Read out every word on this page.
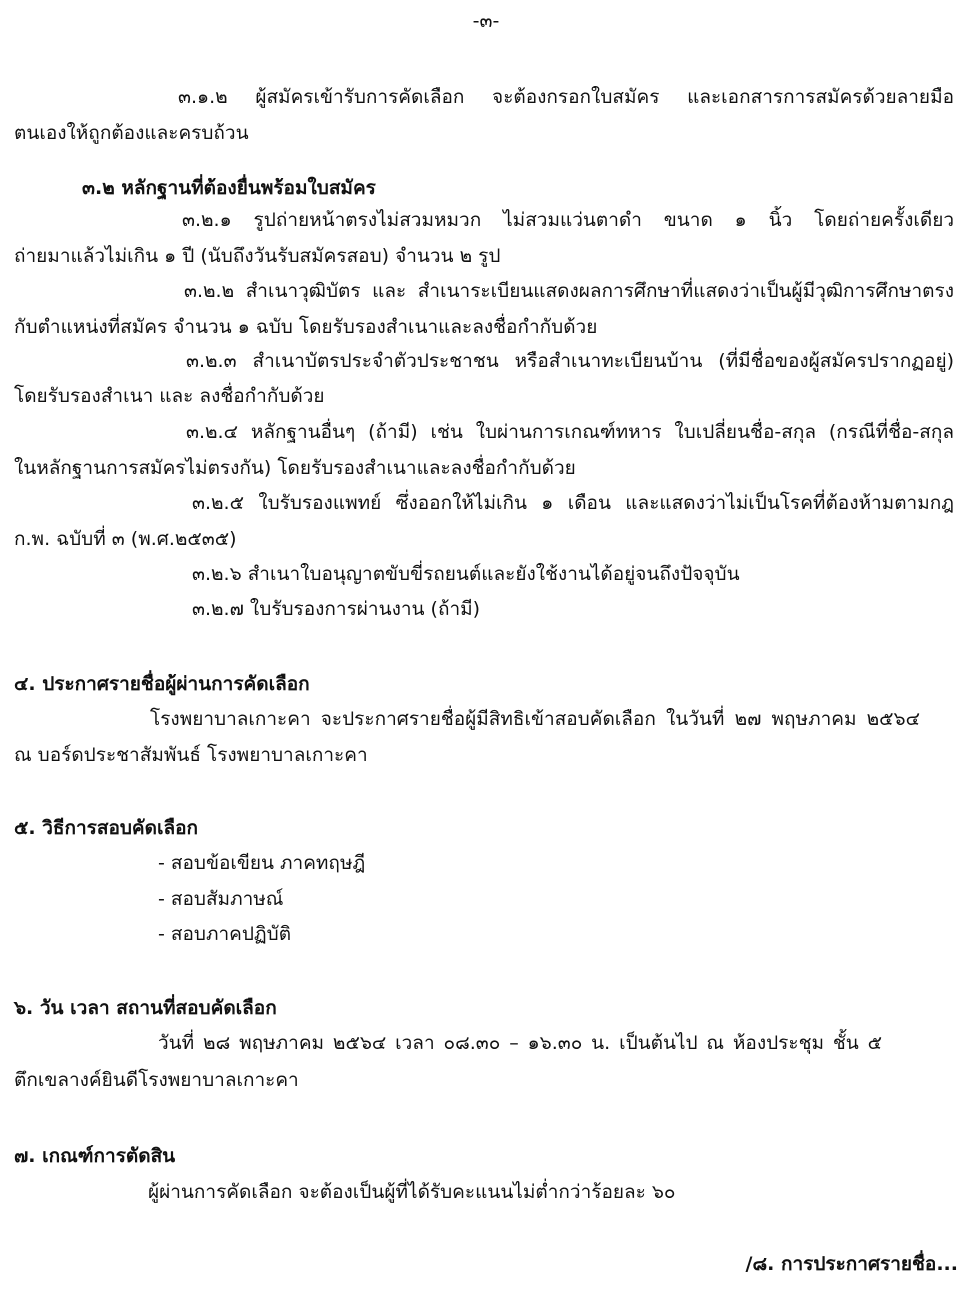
-๓-
๓.๑.๒ ผู้สมัครเข้ารับการคัดเลือก จะต้องกรอกใบสมัคร และเอกสารการสมัครด้วยลายมือ
ตนเองให้ถูกต้องและครบถ้วน
๓.๒ หลักฐานที่ต้องยื่นพร้อมใบสมัคร
๓.๒.๑ รูปถ่ายหน้าตรงไม่สวมหมวก ไม่สวมแว่นตาดำ ขนาด ๑ นิ้ว โดยถ่ายครั้งเดียว
ถ่ายมาแล้วไม่เกิน ๑ ปี (นับถึงวันรับสมัครสอบ) จำนวน ๒ รูป
๓.๒.๒ สำเนาวุฒิบัตร และ สำเนาระเบียนแสดงผลการศึกษาที่แสดงว่าเป็นผู้มีวุฒิการศึกษาตรง
กับตำแหน่งที่สมัคร จำนวน ๑ ฉบับ โดยรับรองสำเนาและลงชื่อกำกับด้วย
๓.๒.๓ สำเนาบัตรประจำตัวประชาชน หรือสำเนาทะเบียนบ้าน (ที่มีชื่อของผู้สมัครปรากฏอยู่)
โดยรับรองสำเนา และ ลงชื่อกำกับด้วย
๓.๒.๔ หลักฐานอื่นๆ (ถ้ามี) เช่น ใบผ่านการเกณฑ์ทหาร ใบเปลี่ยนชื่อ-สกุล (กรณีที่ชื่อ-สกุล
ในหลักฐานการสมัครไม่ตรงกัน) โดยรับรองสำเนาและลงชื่อกำกับด้วย
๓.๒.๕ ใบรับรองแพทย์ ซึ่งออกให้ไม่เกิน ๑ เดือน และแสดงว่าไม่เป็นโรคที่ต้องห้ามตามกฎ
ก.พ. ฉบับที่ ๓ (พ.ศ.๒๕๓๕)
๓.๒.๖ สำเนาใบอนุญาตขับขี่รถยนต์และยังใช้งานได้อยู่จนถึงปัจจุบัน
๓.๒.๗ ใบรับรองการผ่านงาน (ถ้ามี)
๔. ประกาศรายชื่อผู้ผ่านการคัดเลือก
โรงพยาบาลเกาะคา จะประกาศรายชื่อผู้มีสิทธิเข้าสอบคัดเลือก ในวันที่ ๒๗ พฤษภาคม ๒๕๖๔
ณ บอร์ดประชาสัมพันธ์ โรงพยาบาลเกาะคา
๕. วิธีการสอบคัดเลือก
- สอบข้อเขียน ภาคทฤษฎี
- สอบสัมภาษณ์
- สอบภาคปฏิบัติ
๖. วัน เวลา สถานที่สอบคัดเลือก
วันที่ ๒๘ พฤษภาคม ๒๕๖๔ เวลา ๐๘.๓๐ – ๑๖.๓๐ น. เป็นต้นไป ณ ห้องประชุม ชั้น ๕
ตึกเขลางค์ยินดีโรงพยาบาลเกาะคา
๗. เกณฑ์การตัดสิน
ผู้ผ่านการคัดเลือก จะต้องเป็นผู้ที่ได้รับคะแนนไม่ต่ำกว่าร้อยละ ๖๐
/๘. การประกาศรายชื่อ...
